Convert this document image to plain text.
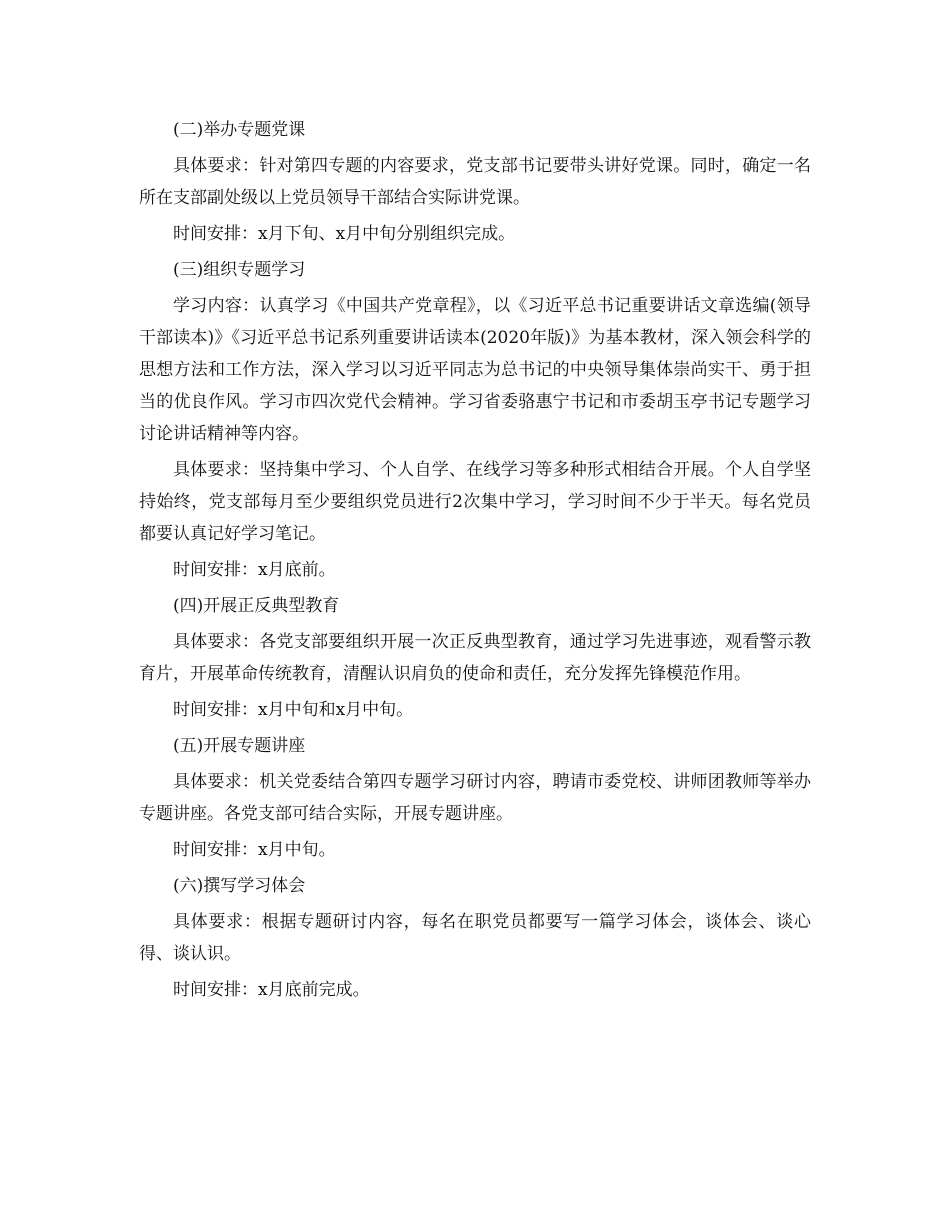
(二)举办专题党课
具体要求：针对第四专题的内容要求，党支部书记要带头讲好党课。同时，确定一名所在支部副处级以上党员领导干部结合实际讲党课。
时间安排：x月下旬、x月中旬分别组织完成。
(三)组织专题学习
学习内容：认真学习《中国共产党章程》，以《习近平总书记重要讲话文章选编(领导干部读本)》《习近平总书记系列重要讲话读本(2020年版)》为基本教材，深入领会科学的思想方法和工作方法，深入学习以习近平同志为总书记的中央领导集体崇尚实干、勇于担当的优良作风。学习市四次党代会精神。学习省委骆惠宁书记和市委胡玉亭书记专题学习讨论讲话精神等内容。
具体要求：坚持集中学习、个人自学、在线学习等多种形式相结合开展。个人自学坚持始终，党支部每月至少要组织党员进行2次集中学习，学习时间不少于半天。每名党员都要认真记好学习笔记。
时间安排：x月底前。
(四)开展正反典型教育
具体要求：各党支部要组织开展一次正反典型教育，通过学习先进事迹，观看警示教育片，开展革命传统教育，清醒认识肩负的使命和责任，充分发挥先锋模范作用。
时间安排：x月中旬和x月中旬。
(五)开展专题讲座
具体要求：机关党委结合第四专题学习研讨内容，聘请市委党校、讲师团教师等举办专题讲座。各党支部可结合实际，开展专题讲座。
时间安排：x月中旬。
(六)撰写学习体会
具体要求：根据专题研讨内容，每名在职党员都要写一篇学习体会，谈体会、谈心得、谈认识。
时间安排：x月底前完成。
